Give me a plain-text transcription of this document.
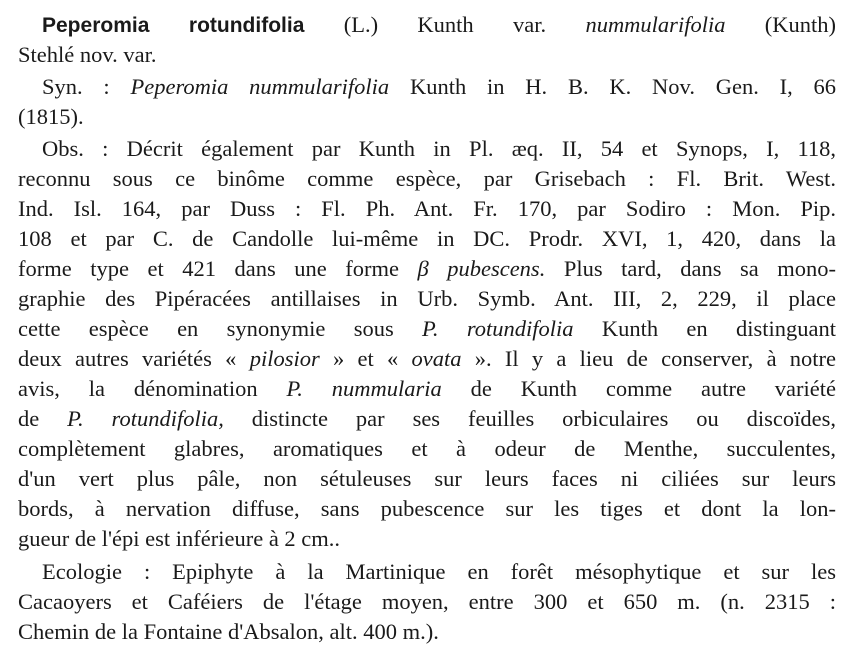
Peperomia rotundifolia (L.) Kunth var. nummularifolia (Kunth)
Stehlé nov. var.
Syn. : Peperomia nummularifolia Kunth in H. B. K. Nov. Gen. I, 66
(1815).
Obs. : Décrit également par Kunth in Pl. æq. II, 54 et Synops, I, 118,
reconnu sous ce binôme comme espèce, par Grisebach : Fl. Brit. West.
Ind. Isl. 164, par Duss : Fl. Ph. Ant. Fr. 170, par Sodiro : Mon. Pip.
108 et par C. de Candolle lui-même in DC. Prodr. XVI, 1, 420, dans la
forme type et 421 dans une forme β pubescens. Plus tard, dans sa mono-
graphie des Pipéracées antillaises in Urb. Symb. Ant. III, 2, 229, il place
cette espèce en synonymie sous P. rotundifolia Kunth en distinguant
deux autres variétés « pilosior » et « ovata ». Il y a lieu de conserver, à notre
avis, la dénomination P. nummularia de Kunth comme autre variété
de P. rotundifolia, distincte par ses feuilles orbiculaires ou discoïdes,
complètement glabres, aromatiques et à odeur de Menthe, succulentes,
d'un vert plus pâle, non sétuleuses sur leurs faces ni ciliées sur leurs
bords, à nervation diffuse, sans pubescence sur les tiges et dont la lon-
gueur de l'épi est inférieure à 2 cm..
Ecologie : Epiphyte à la Martinique en forêt mésophytique et sur les
Cacaoyers et Caféiers de l'étage moyen, entre 300 et 650 m. (n. 2315 :
Chemin de la Fontaine d'Absalon, alt. 400 m.).
